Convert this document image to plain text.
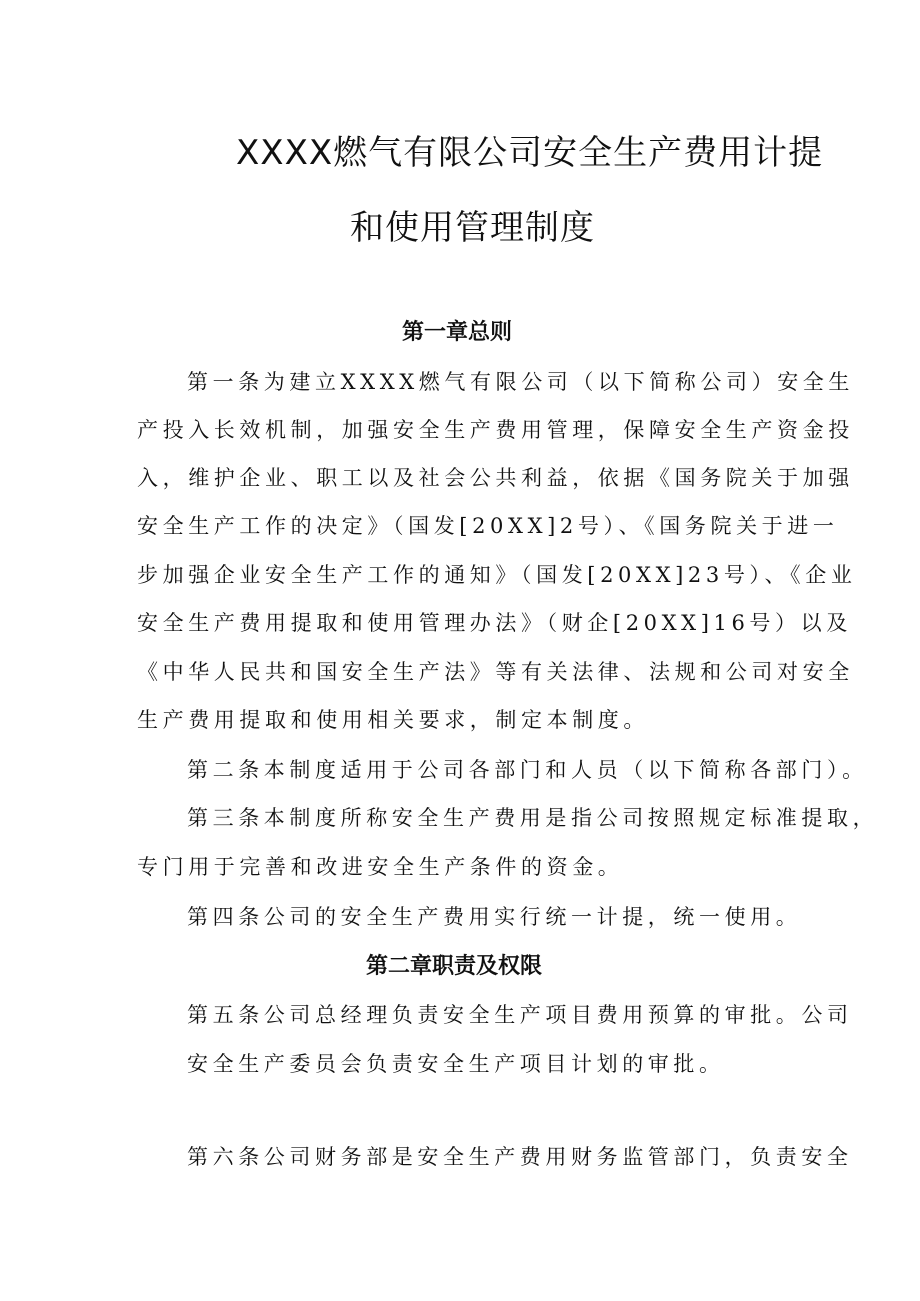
XXXX燃气有限公司安全生产费用计提
和使用管理制度
第一章总则
第一条为建立XXXX燃气有限公司（以下简称公司）安全生
产投入长效机制，加强安全生产费用管理，保障安全生产资金投
入，维护企业、职工以及社会公共利益，依据《国务院关于加强
安全生产工作的决定》（国发[20XX]2号）、《国务院关于进一
步加强企业安全生产工作的通知》（国发[20XX]23号）、《企业
安全生产费用提取和使用管理办法》（财企[20XX]16号）以及
《中华人民共和国安全生产法》等有关法律、法规和公司对安全
生产费用提取和使用相关要求，制定本制度。
第二条本制度适用于公司各部门和人员（以下简称各部门）。
第三条本制度所称安全生产费用是指公司按照规定标准提取，
专门用于完善和改进安全生产条件的资金。
第四条公司的安全生产费用实行统一计提，统一使用。
第二章职责及权限
第五条公司总经理负责安全生产项目费用预算的审批。公司
安全生产委员会负责安全生产项目计划的审批。
第六条公司财务部是安全生产费用财务监管部门，负责安全
